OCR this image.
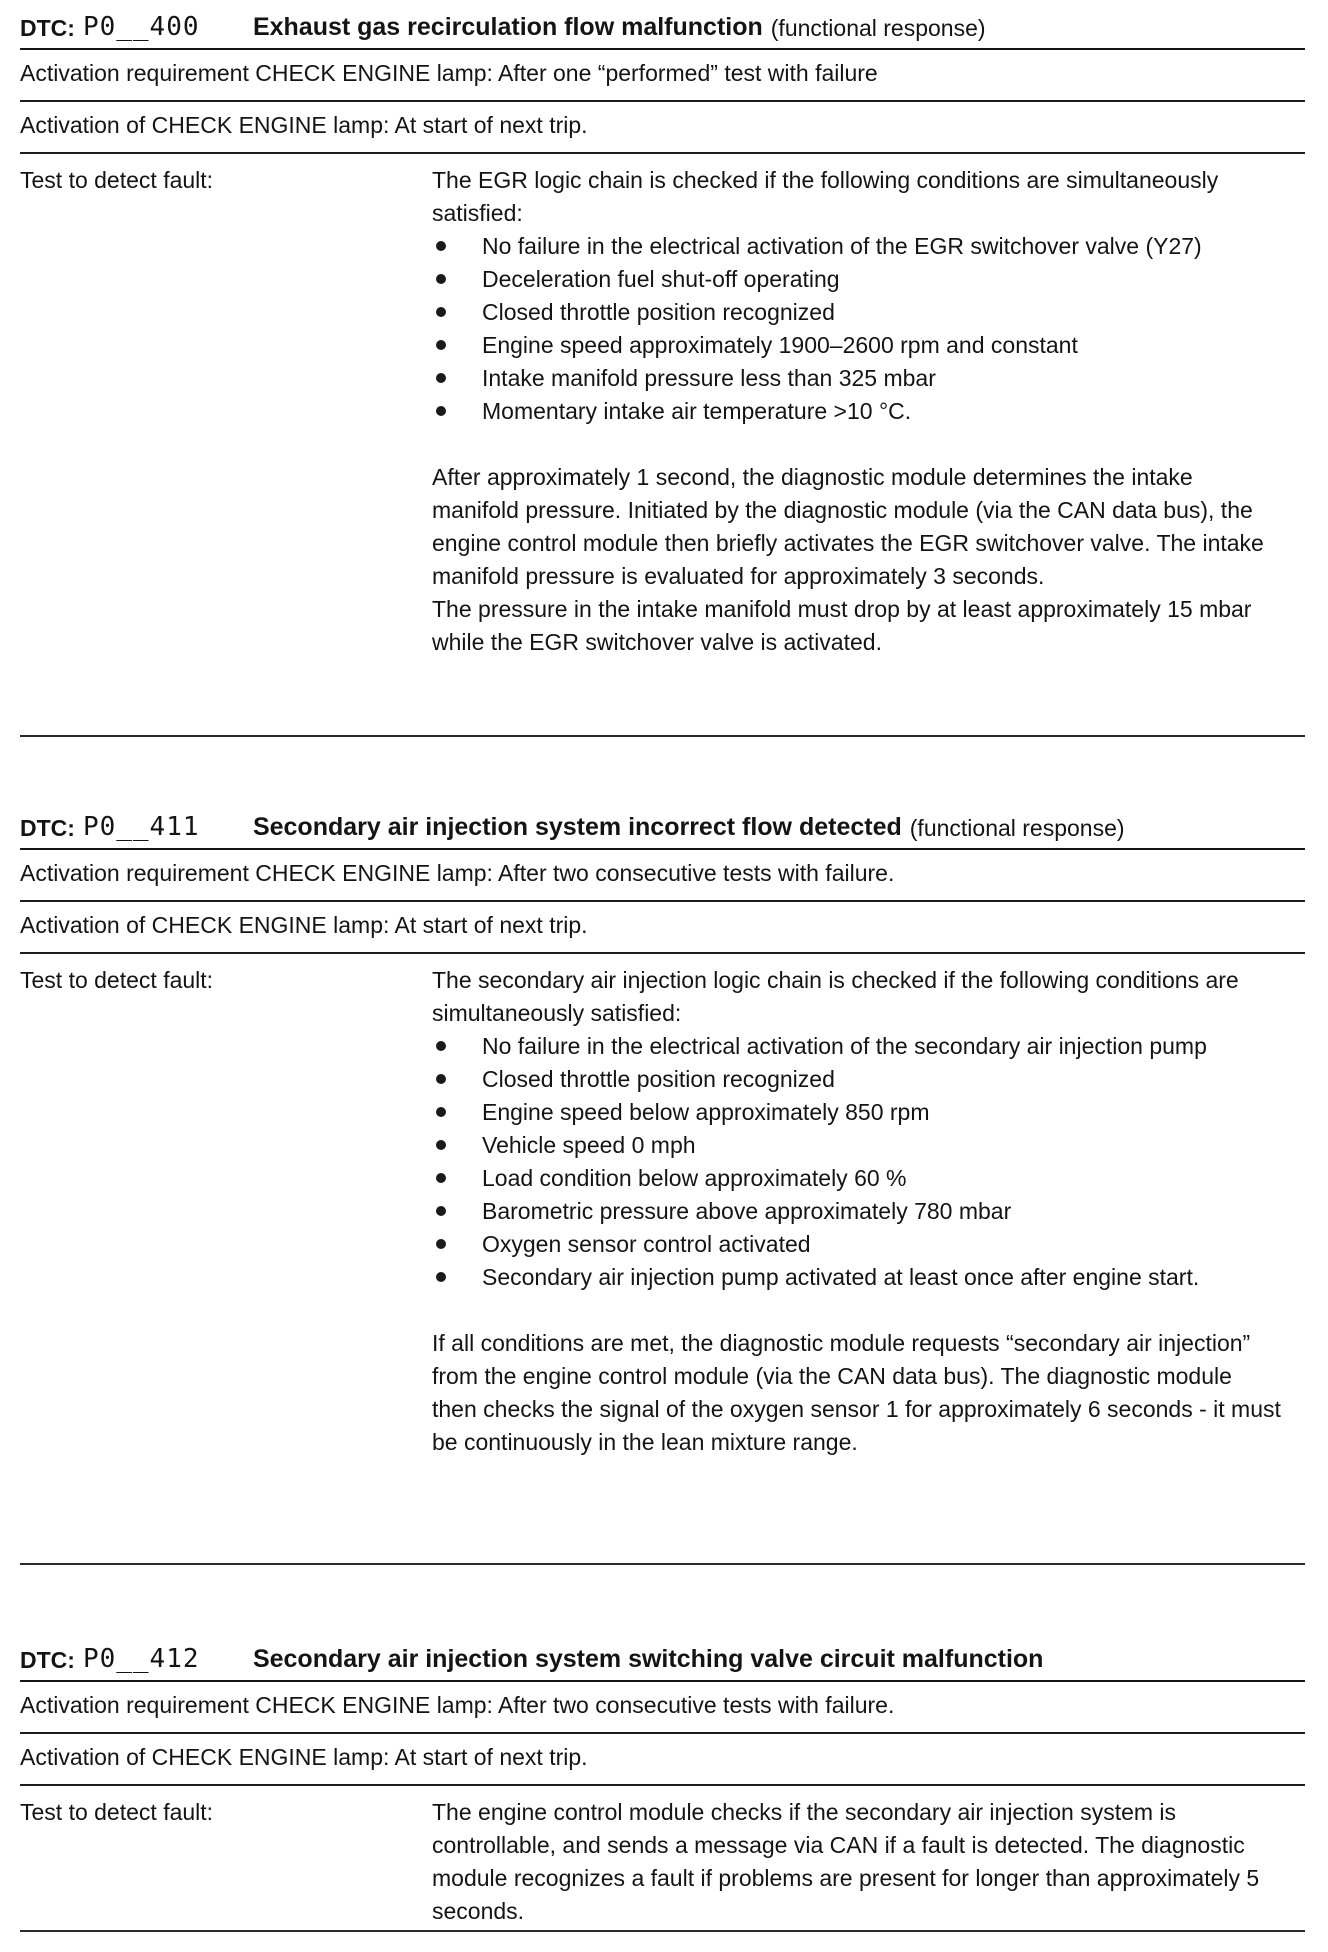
DTC: P0__400	Exhaust gas recirculation flow malfunction (functional response)
Activation requirement CHECK ENGINE lamp: After one “performed” test with failure
Activation of CHECK ENGINE lamp: At start of next trip.
Test to detect fault:	The EGR logic chain is checked if the following conditions are simultaneously satisfied:

No failure in the electrical activation of the EGR switchover valve (Y27)
Deceleration fuel shut-off operating
Closed throttle position recognized
Engine speed approximately 1900–2600 rpm and constant
Intake manifold pressure less than 325 mbar
Momentary intake air temperature >10 °C.

After approximately 1 second, the diagnostic module determines the intake manifold pressure. Initiated by the diagnostic module (via the CAN data bus), the engine control module then briefly activates the EGR switchover valve. The intake manifold pressure is evaluated for approximately 3 seconds.

The pressure in the intake manifold must drop by at least approximately 15 mbar while the EGR switchover valve is activated.

DTC: P0__411	Secondary air injection system incorrect flow detected (functional response)
Activation requirement CHECK ENGINE lamp: After two consecutive tests with failure.
Activation of CHECK ENGINE lamp: At start of next trip.
Test to detect fault:	The secondary air injection logic chain is checked if the following conditions are simultaneously satisfied:

No failure in the electrical activation of the secondary air injection pump
Closed throttle position recognized
Engine speed below approximately 850 rpm
Vehicle speed 0 mph
Load condition below approximately 60 %
Barometric pressure above approximately 780 mbar
Oxygen sensor control activated
Secondary air injection pump activated at least once after engine start.

If all conditions are met, the diagnostic module requests “secondary air injection” from the engine control module (via the CAN data bus). The diagnostic module then checks the signal of the oxygen sensor 1 for approximately 6 seconds - it must be continuously in the lean mixture range.

DTC: P0__412	Secondary air injection system switching valve circuit malfunction
Activation requirement CHECK ENGINE lamp: After two consecutive tests with failure.
Activation of CHECK ENGINE lamp: At start of next trip.
Test to detect fault:	The engine control module checks if the secondary air injection system is controllable, and sends a message via CAN if a fault is detected. The diagnostic module recognizes a fault if problems are present for longer than approximately 5 seconds.
